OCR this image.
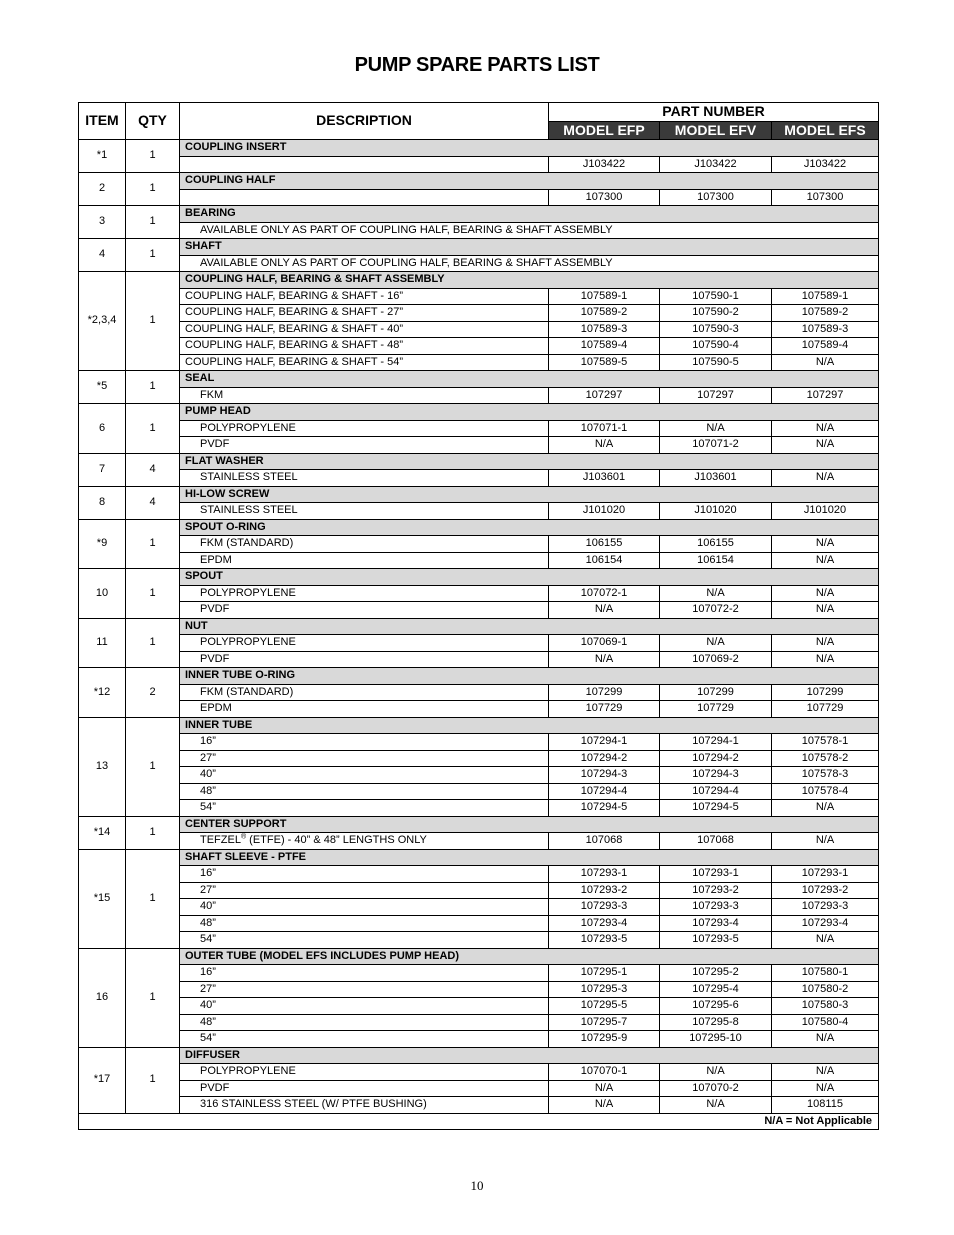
PUMP SPARE PARTS LIST
ITEM	QTY	DESCRIPTION	PART NUMBER		
			MODEL EFP	MODEL EFV	MODEL EFS
*1	1	COUPLING INSERT			
			J103422	J103422	J103422
2	1	COUPLING HALF			
			107300	107300	107300
3	1	BEARING			
		AVAILABLE ONLY AS PART OF COUPLING HALF, BEARING & SHAFT ASSEMBLY			
4	1	SHAFT			
		AVAILABLE ONLY AS PART OF COUPLING HALF, BEARING & SHAFT ASSEMBLY			
*2,3,4	1	COUPLING HALF, BEARING & SHAFT ASSEMBLY			
		COUPLING HALF, BEARING & SHAFT - 16”	107589-1	107590-1	107589-1
		COUPLING HALF, BEARING & SHAFT - 27”	107589-2	107590-2	107589-2
		COUPLING HALF, BEARING & SHAFT - 40”	107589-3	107590-3	107589-3
		COUPLING HALF, BEARING & SHAFT - 48”	107589-4	107590-4	107589-4
		COUPLING HALF, BEARING & SHAFT - 54”	107589-5	107590-5	N/A
*5	1	SEAL			
		FKM	107297	107297	107297
6	1	PUMP HEAD			
		POLYPROPYLENE	107071-1	N/A	N/A
		PVDF	N/A	107071-2	N/A
7	4	FLAT WASHER			
		STAINLESS STEEL	J103601	J103601	N/A
8	4	HI-LOW SCREW			
		STAINLESS STEEL	J101020	J101020	J101020
*9	1	SPOUT O-RING			
		FKM (STANDARD)	106155	106155	N/A
		EPDM	106154	106154	N/A
10	1	SPOUT			
		POLYPROPYLENE	107072-1	N/A	N/A
		PVDF	N/A	107072-2	N/A
11	1	NUT			
		POLYPROPYLENE	107069-1	N/A	N/A
		PVDF	N/A	107069-2	N/A
*12	2	INNER TUBE O-RING			
		FKM (STANDARD)	107299	107299	107299
		EPDM	107729	107729	107729
13	1	INNER TUBE			
		16”	107294-1	107294-1	107578-1
		27”	107294-2	107294-2	107578-2
		40”	107294-3	107294-3	107578-3
		48”	107294-4	107294-4	107578-4
		54”	107294-5	107294-5	N/A
*14	1	CENTER SUPPORT			
		TEFZEL® (ETFE) - 40” & 48” LENGTHS ONLY	107068	107068	N/A
*15	1	SHAFT SLEEVE - PTFE			
		16”	107293-1	107293-1	107293-1
		27”	107293-2	107293-2	107293-2
		40”	107293-3	107293-3	107293-3
		48”	107293-4	107293-4	107293-4
		54”	107293-5	107293-5	N/A
16	1	OUTER TUBE (MODEL EFS INCLUDES PUMP HEAD)			
		16”	107295-1	107295-2	107580-1
		27”	107295-3	107295-4	107580-2
		40”	107295-5	107295-6	107580-3
		48”	107295-7	107295-8	107580-4
		54”	107295-9	107295-10	N/A
*17	1	DIFFUSER			
		POLYPROPYLENE	107070-1	N/A	N/A
		PVDF	N/A	107070-2	N/A
		316 STAINLESS STEEL (W/ PTFE BUSHING)	N/A	N/A	108115
N/A = Not Applicable					
10
